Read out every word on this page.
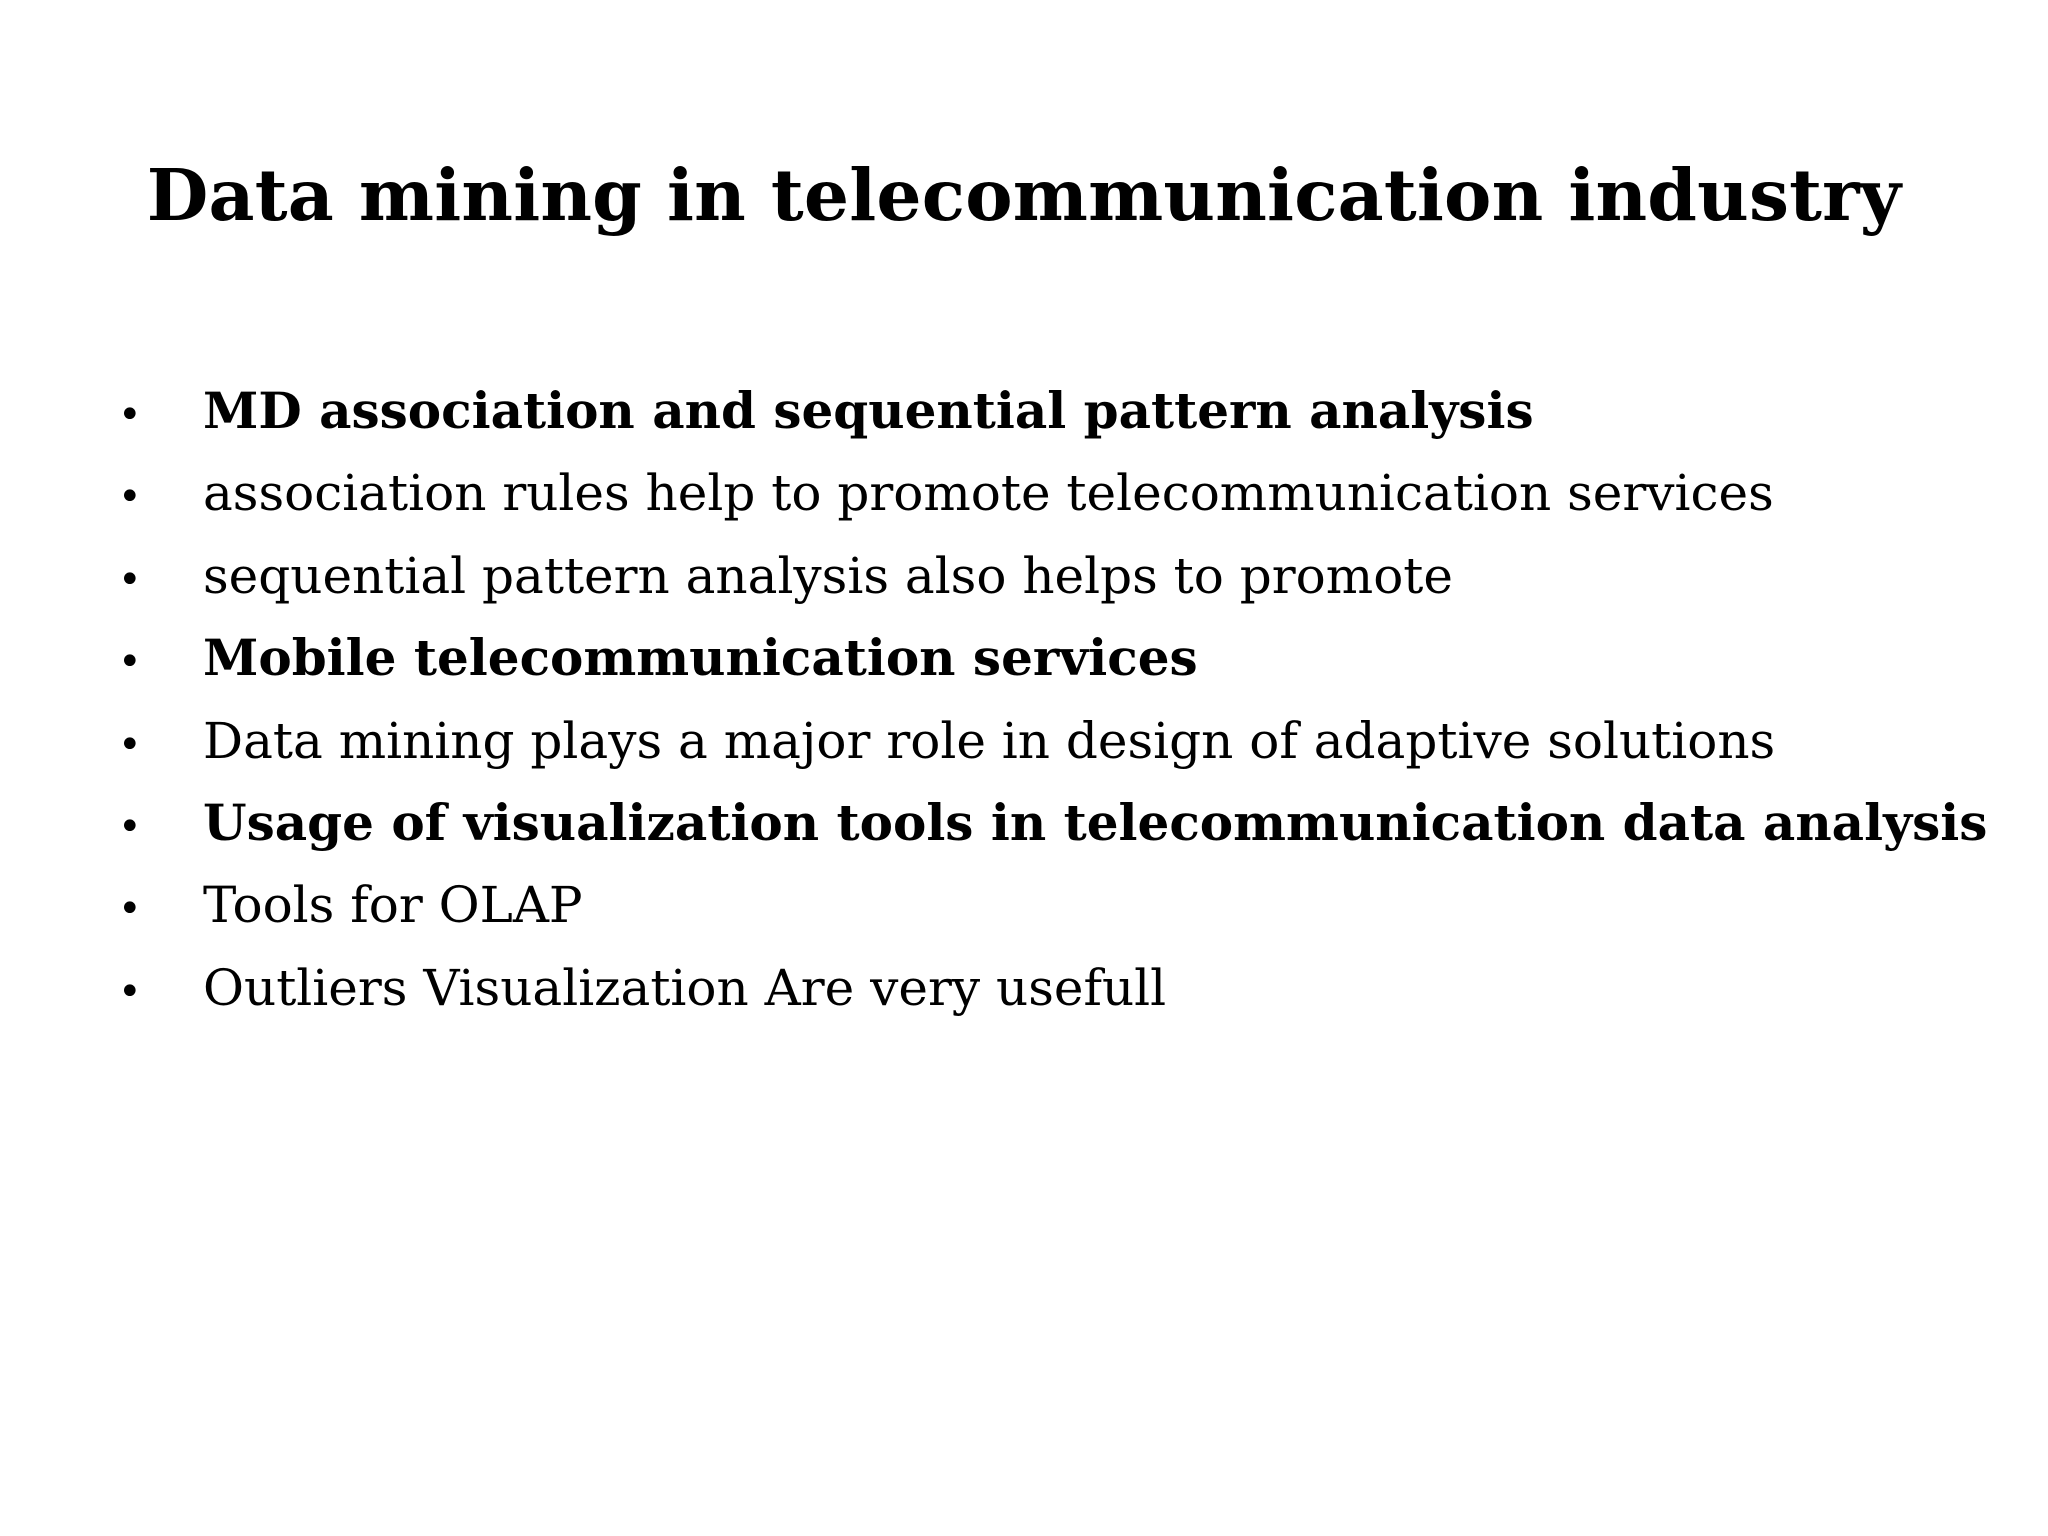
Data mining in telecommunication industry
•	MD association and sequential pattern analysis
•	association rules help to promote telecommunication services
•	sequential pattern analysis also helps to promote
•	Mobile telecommunication services
•	Data mining plays a major role in design of adaptive solutions
•	Usage of visualization tools in telecommunication data analysis
•	Tools for OLAP
•	Outliers Visualization Are very usefull
